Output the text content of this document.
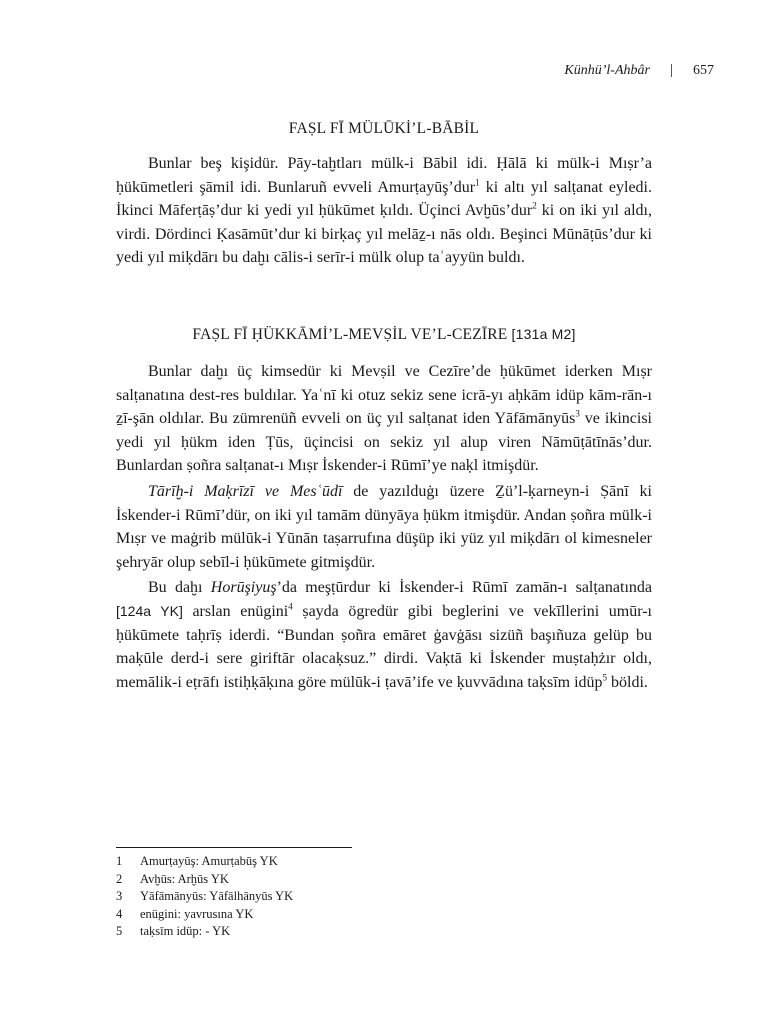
Künhü’l-Ahbâr | 657
FAṢL FĪ MÜLŪKİ’L-BĀBİL

Bunlar beş kişidür. Pāy-taḫtları mülk-i Bābil idi. Ḥālā ki mülk-i Mıṣr’a ḥükūmetleri şāmil idi. Bunlaruñ evveli Amurṭayūş’dur$^1$ ki altı yıl salṭanat eyledi. İkinci Māferṭāṣ’dur ki yedi yıl ḥükūmet ḳıldı. Üçinci Avḫūs’dur$^2$ ki on iki yıl aldı, virdi. Dördinci Ḳasāmūt’dur ki birḳaç yıl melāẕ-ı nās oldı. Beşinci Mūnāṭūs’dur ki yedi yıl miḳdārı bu daḫı cālis-i serīr-i mülk olup taʿayyün buldı.

FAṢL FĪ ḤÜKKĀMİ’L-MEVṢİL VE’L-CEZĪRE [131a M2]

Bunlar daḫı üç kimsedür ki Mevṣil ve Cezīre’de ḥükūmet iderken Mıṣr salṭanatına dest-res buldılar. Yaʿnī ki otuz sekiz sene icrā-yı aḥkām idüp kām-rān-ı ẕī-şān oldılar. Bu zümrenüñ evveli on üç yıl salṭanat iden Yāfāmānyūs$^3$ ve ikincisi yedi yıl ḥükm iden Ṭūs, üçincisi on sekiz yıl alup viren Nāmūṭātīnās’dur. Bunlardan ṣoñra salṭanat-ı Mıṣr İskender-i Rūmī’ye naḳl itmişdür.

Tārīḫ-i Maḳrīzī ve Mesʿūdī de yazılduġı üzere Ẕü’l-ḳarneyn-i Ṣānī ki İskender-i Rūmī’dür, on iki yıl tamām dünyāya ḥükm itmişdür. Andan ṣoñra mülk-i Mıṣr ve maġrib mülūk-i Yūnān taṣarrufına düşüp iki yüz yıl miḳdārı ol kimesneler şehryār olup sebīl-i ḥükūmete gitmişdür.

Bu daḫı Horūşiyuş’da meşṭūrdur ki İskender-i Rūmī zamān-ı salṭanatında [124a YK] arslan enügini$^4$ ṣayda ögredür gibi beglerini ve vekīllerini umūr-ı ḥükūmete taḥrīṣ iderdi. “Bundan ṣoñra emāret ġavġāsı sizüñ başıñuza gelüp bu maḳūle derd-i sere giriftār olacaḳsuz.” dirdi. Vaḳtā ki İskender muṣtaḥżır oldı, memālik-i eṭrāfı istiḥḳāḳına göre mülūk-i ṭavā’ife ve ḳuvvādına taḳsīm idüp$^5$ böldi.

1	Amurṭayūş: Amurṭabūş YK
2	Avḫūs: Arḫūs YK
3	Yāfāmānyūs: Yāfālhānyūs YK
4	enügini: yavrusına YK
5	taḳsīm idüp: - YK
